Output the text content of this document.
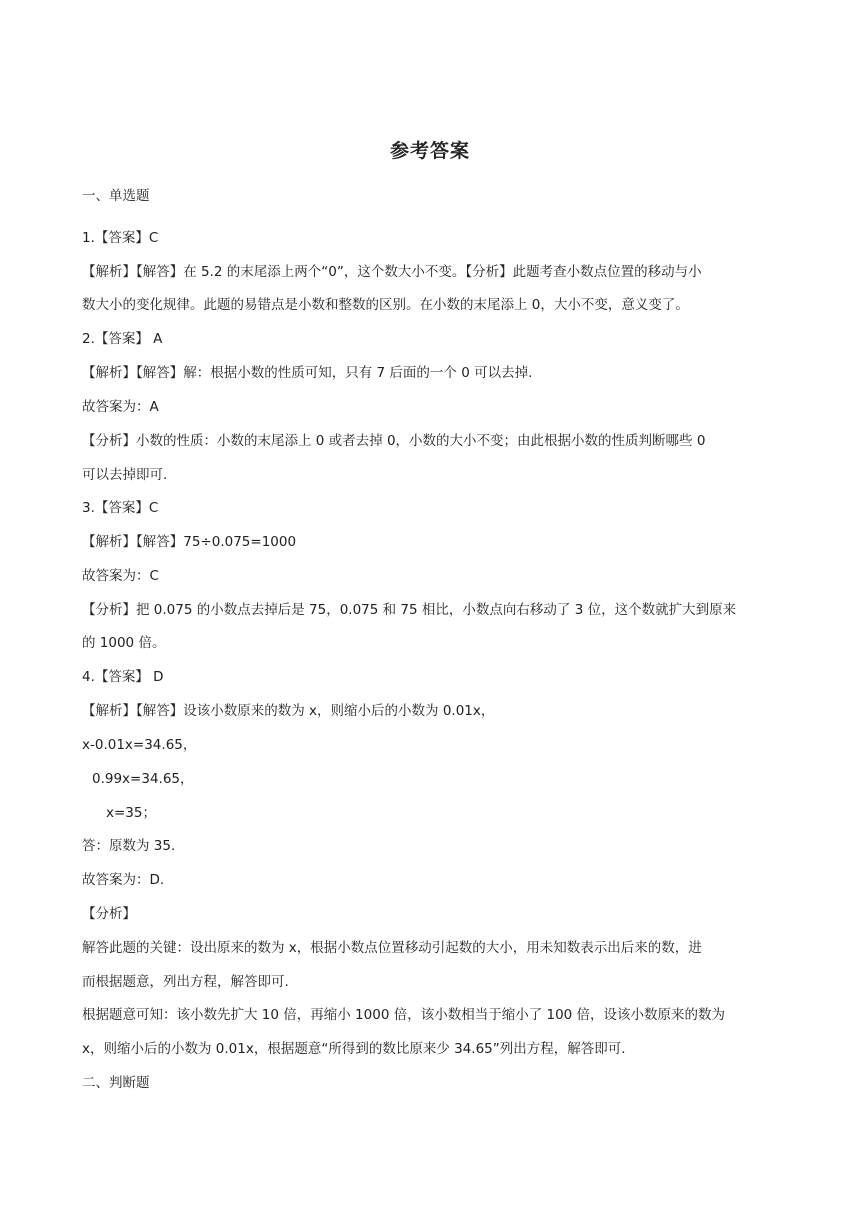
参考答案
一、单选题
1.【答案】C
【解析】【解答】在 5.2 的末尾添上两个“0”，这个数大小不变。【分析】此题考查小数点位置的移动与小
数大小的变化规律。此题的易错点是小数和整数的区别。在小数的末尾添上 0，大小不变，意义变了。
2.【答案】 A
【解析】【解答】解：根据小数的性质可知，只有 7 后面的一个 0 可以去掉.
故答案为：A
【分析】小数的性质：小数的末尾添上 0 或者去掉 0，小数的大小不变；由此根据小数的性质判断哪些 0
可以去掉即可.
3.【答案】C
【解析】【解答】75÷0.075=1000
故答案为：C
【分析】把 0.075 的小数点去掉后是 75，0.075 和 75 相比，小数点向右移动了 3 位，这个数就扩大到原来
的 1000 倍。
4.【答案】 D
【解析】【解答】设该小数原来的数为 x，则缩小后的小数为 0.01x，
x-0.01x=34.65，
0.99x=34.65，
x=35；
答：原数为 35.
故答案为：D.
【分析】
解答此题的关键：设出原来的数为 x，根据小数点位置移动引起数的大小，用未知数表示出后来的数，进
而根据题意，列出方程，解答即可.
根据题意可知：该小数先扩大 10 倍，再缩小 1000 倍，该小数相当于缩小了 100 倍，设该小数原来的数为
x，则缩小后的小数为 0.01x，根据题意“所得到的数比原来少 34.65”列出方程，解答即可.
二、判断题
